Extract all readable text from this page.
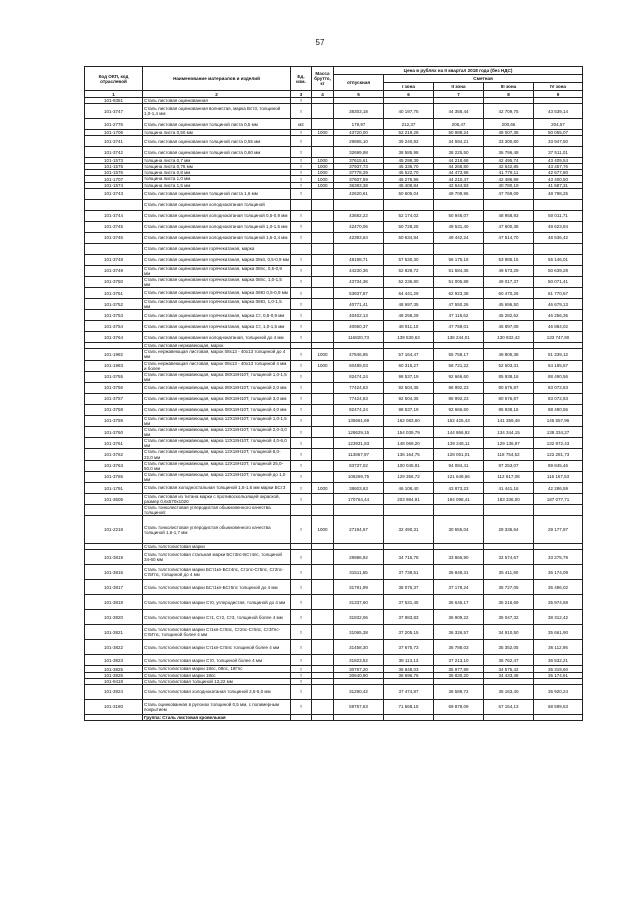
57
Код ОКП, код отраслевой	Наименование материалов и изделий	Ед. изм.	Масса брутто, кг	Цена в рублях на II квартал 2018 года (без НДС)				
				отпускная	Сметная			
					I зона	II зона	III зона	IV зона
1	2	3	4	5	6	7	8	9
101-9351	Сталь листовая оцинкованная	т						
101-3747	Сталь листовая оцинкованная волнистая, марка Вст3, толщиной 1,0-1,4 мм	т		38303,18	40 197,75	44 358,44	42 709,75	43 539,14
101-2776	Сталь листовая оцинкованная толщиной листа 0,5 мм	м2		179,97	212,37	208,47	200,66	204,57
101-1706	толщина листа 0,50 мм	т	1000	43720,00	52 219,28	50 989,24	49 007,38	50 055,07
101-3741	Сталь листовая оцинкованная толщиной листа 0,55 мм	т		29865,10	35 240,82	34 594,21	33 300,80	33 947,50
101-3742	Сталь листовая оцинкованная толщиной листа 0,60 мм	т		32699,98	38 585,98	38 225,50	36 796,48	37 511,01
101-1573	толщина листа 0,7 мм	т	1000	37615,61	45 298,39	44 218,68	42 495,74	43 409,54
101-1575	толщина листа 0,75 мм	т	1000	37937,73	45 336,70	44 268,80	42 542,85	43 457,76
101-1576	толщина листа 0,8 мм	т	1000	37778,29	45 522,70	44 473,98	41 779,11	42 677,80
101-1707	толщина листа 1,0 мм	т	1000	37607,59	45 276,96	44 210,47	42 486,89	43 400,50
101-1574	толщина листа 1,5 мм	т	1000	36393,38	45 408,84	42 644,93	40 780,19	41 587,31
101-3743	Сталь листовая оцинкованная толщиной листа 1,6 мм	т		42620,61	50 605,04	49 708,96	47 769,09	48 798,25
	Сталь листовая оцинкованная холоднокатаная толщиной							
101-3744	Сталь листовая оцинкованная холоднокатаная толщиной 0,5-0,9 мм	т		43682,22	52 174,02	50 946,07	48 958,93	50 011,71
101-3745	Сталь листовая оцинкованная холоднокатаная толщиной 1,0-1,5 мм	т		42470,06	50 728,25	49 531,40	47 600,38	48 623,94
101-3746	Сталь листовая оцинкованная холоднокатаная толщиной 1,6-2,4 мм	т		42393,64	50 634,84	49 442,24	47 514,70	48 536,42
	Сталь листовая оцинкованная горячекатаная, марка							
101-3748	Сталь листовая оцинкованная горячекатаная, марка 08кп, 0,5-0,9 мм	т		48198,71	57 530,30	56 175,18	53 985,15	55 146,01
101-3749	Сталь листовая оцинкованная горячекатаная, марка 08пс, 0,5-0,9 мм	т		44230,36	52 828,72	51 584,35	49 573,29	50 639,28
101-3750	Сталь листовая оцинкованная горячекатаная, марка 08пс, 1,0-1,5 мм	т		43734,36	52 236,80	51 005,88	49 017,37	50 071,41
101-3751	Сталь листовая оцинкованная горячекатаная, марка 08Ю 0,5-0,9 мм	т		53937,87	64 441,29	62 923,38	60 470,26	61 770,67
101-3752	Сталь листовая оцинкованная горячекатаная, марка 08Ю, 1,0-1,5 мм	т		40771,41	48 697,35	47 550,26	45 696,50	46 679,13
101-3753	Сталь листовая оцинкованная горячекатаная, марка Ст, 0,5-0,9 мм	т		40402,13	48 258,29	47 118,62	45 282,62	46 256,35
101-3754	Сталь листовая оцинкованная горячекатаная, марка Ст, 1,0-1,5 мм	т		40950,37	48 911,10	47 759,01	45 897,08	46 884,02
101-3764	Сталь листовая оцинкованная холоднокатаная, толщиной до 4 мм	т		116820,73	139 530,63	136 244,01	130 932,42	133 747,90
	Сталь листовая нержавеющая, марок							
101-1982	Сталь нержавеющая листовая, марок 08х13 - 40х13 толщиной до 4 мм	т	1000	47846,85	57 164,47	55 758,17	49 805,38	51 339,12
101-1983	Сталь нержавеющая листовая, марок 08х13 - 40х13 толщиной 4 мм и более	т	1000	50489,03	60 315,27	58 721,22	52 503,31	54 165,67
101-3755	Сталь листовая нержавеющая, марка 08Х18Н10Т, толщиной 1,0-1,5 мм	т		82474,24	98 537,19	92 666,60	85 938,16	88 490,56
101-3756	Сталь листовая нержавеющая, марка 08Х18Н10Т, толщиной 2,0 мм	т		77424,63	92 504,35	86 992,23	80 676,87	83 072,83
101-3757	Сталь листовая нержавеющая, марка 08Х18Н10Т, толщиной 3,0 мм	т		77424,63	92 504,35	86 992,23	80 676,87	83 072,83
101-3758	Сталь листовая нержавеющая, марка 08Х18Н10Т, толщиной 4,0 мм	т		82474,24	98 537,19	92 666,60	85 938,16	88 490,56
101-3759	Сталь листовая нержавеющая, марка 12Х18Н10Т, толщиной 1,0-1,5 мм	т		135661,69	162 083,60	152 425,43	141 359,48	145 557,96
101-3760	Сталь листовая нержавеющая, марка 12Х18Н10Т, толщиной 2,0-3,0 мм	т		128629,15	154 039,79	144 866,92	134 344,15	138 334,27
101-3761	Сталь листовая нержавеющая, марка 12Х18Н10Т, толщиной 4,0-6,0 мм	т		123931,83	148 069,20	139 248,11	129 136,97	132 972,43
101-3762	Сталь листовая нержавеющая, марка 12Х18Н10Т, толщиной 8,0-22,0 мм	т		113867,97	136 164,75	128 051,01	118 754,52	122 281,73
101-3763	Сталь листовая нержавеющая, марка 12Х18Н10Т, толщиной 25,0-50,0 мм	т		83737,02	100 045,91	94 084,41	87 253,07	89 845,46
101-3765	Сталь листовая нержавеющая, марка 12Х18Н10Т, толщиной до 1,0 мм	т		108269,75	129 356,72	121 648,66	112 817,08	116 167,53
101-1791	Сталь листовая холодностальная толщиной 1,5-1,6 мм марки БСт3	т	1000	38603,63	46 108,40	43 873,23	41 441,16	42 286,59
101-3605	Сталь листовая из титана марки с противоскользящей окраской, размер 0,6х570х1020	т		170764,44	203 984,91	194 098,41	183 336,00	187 077,71
	Сталь тонколистовая углеродистая обыкновенного качества толщиной:							
101-2218	Сталь тонколистовая углеродистая обыкновенного качества толщиной 1,6-1,7 мм	т	1000	27194,67	32 490,31	30 555,04	28 336,64	29 177,97
	Сталь толстолистовая марки							
101-3819	Сталь толстолистовая стальная марки БСт3пс-БСт4пс, толщиной 34-60 мм	т		28986,92	34 715,78	33 865,90	32 574,67	33 275,79
101-3816	Сталь толстолистовая марки БСт1кп-БСт4пс, Ст1пс-Ст5пс, Ст2пс-Ст5Гпс, толщиной до 4 мм	т		31511,55	37 739,51	36 848,31	35 411,90	36 174,09
101-3817	Сталь толстолистовая марки БСт1кп-БСт5пс толщиной до 4 мм	т		31791,99	38 075,37	37 178,24	35 727,05	36 496,02
101-3818	Сталь толстолистовая марки Ст0, углеродистая, толщиной до 4 мм	т		31337,60	37 531,45	36 645,17	35 216,69	35 974,68
101-3820	Сталь толстолистовая марки Ст1, Ст2, Ст3, толщиной более 4 мм	т		31832,06	37 983,83	36 909,22	35 047,32	38 312,42
101-3821	Сталь толстолистовая марки Ст1кп-Ст5пс, Ст2пс-Ст5пс, Ст3Гпс-Ст5Гпс, толщиной более 4 мм	т		31065,38	37 205,15	36 326,57	34 910,50	35 661,90
101-3822	Сталь толстолистовая марки Ст1кп-Ст5пс толщиной более 4 мм	т		31458,30	37 675,73	36 788,03	35 352,05	36 112,95
101-3823	Сталь толстолистовая марки Ст0, толщиной более 4 мм	т		31823,52	38 113,13	37 213,10	35 762,47	36 532,21
101-3825	Сталь толстолистовая марки 18пс, 08пс, 18Гпс	т		30767,20	36 848,03	35 977,89	34 575,42	35 319,60
101-3826	Сталь толстолистовая марки 18пс	т		30640,90	36 696,76	35 830,20	34 433,48	35 174,61
101-9418	Сталь толстолистовая толщиной 13,22 мм	т						
101-3824	Сталь толстолистовая холоднокатаная толщиной 2,5-5,0 мм	т		31290,42	37 474,87	36 589,72	35 163,40	35 920,24
101-3180	Сталь оцинкованная в рулонах толщиной 0,5 мм, с полимерным покрытием	т		59757,63	71 568,15	69 878,09	67 154,13	68 599,53
	Группа: Сталь листовая кровельная							
